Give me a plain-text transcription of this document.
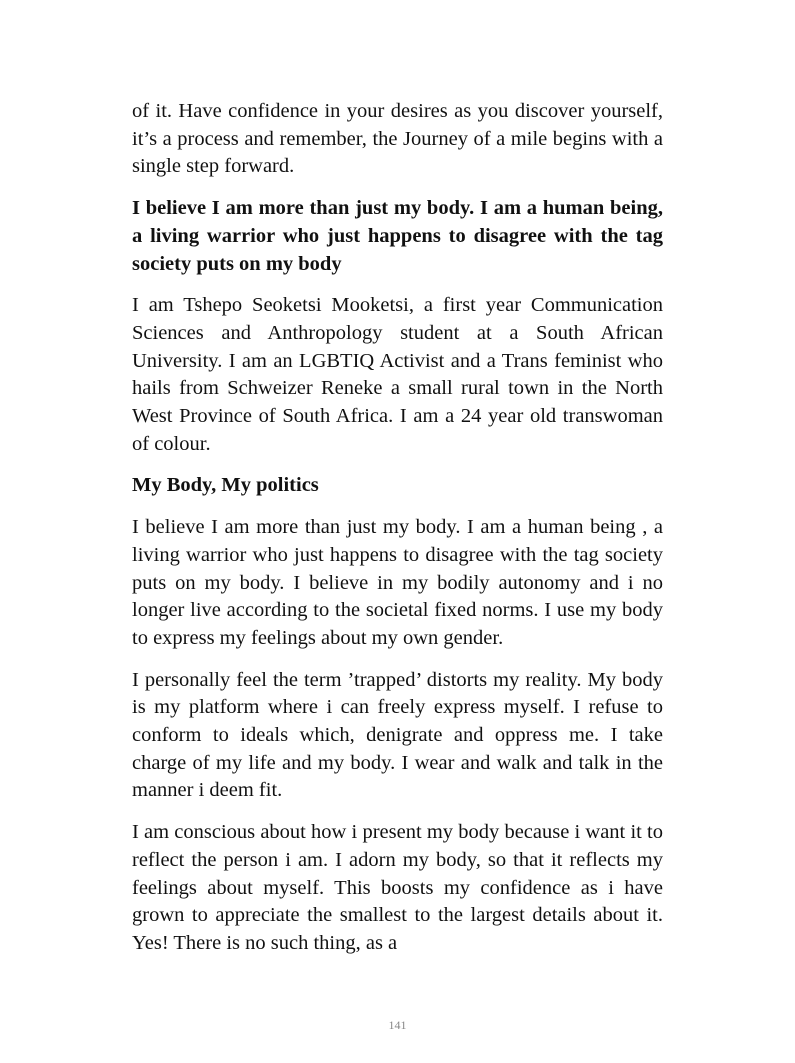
of it. Have confidence in your desires as you discover yourself, it’s a process and remember, the Journey of a mile begins with a single step forward.

I believe I am more than just my body. I am a human being, a living warrior who just happens to disagree with the tag society puts on my body

I am Tshepo Seoketsi Mooketsi, a first year Communication Sciences and Anthropology student at a South African University. I am an LGBTIQ Activist and a Trans feminist who hails from Schweizer Reneke a small rural town in the North West Province of South Africa. I am a 24 year old transwoman of colour.

My Body, My politics

I believe I am more than just my body. I am a human being , a living warrior who just happens to disagree with the tag society puts on my body. I believe in my bodily autonomy and i no longer live according to the societal fixed norms. I use my body to express my feelings about my own gender.

I personally feel the term ’trapped’ distorts my reality. My body is my platform where i can freely express myself. I refuse to conform to ideals which, denigrate and oppress me. I take charge of my life and my body. I wear and walk and talk in the manner i deem fit.

I am conscious about how i present my body because i want it to reflect the person i am. I adorn my body, so that it reflects my feelings about myself. This boosts my confidence as i have grown to appreciate the smallest to the largest details about it. Yes! There is no such thing, as a

141
